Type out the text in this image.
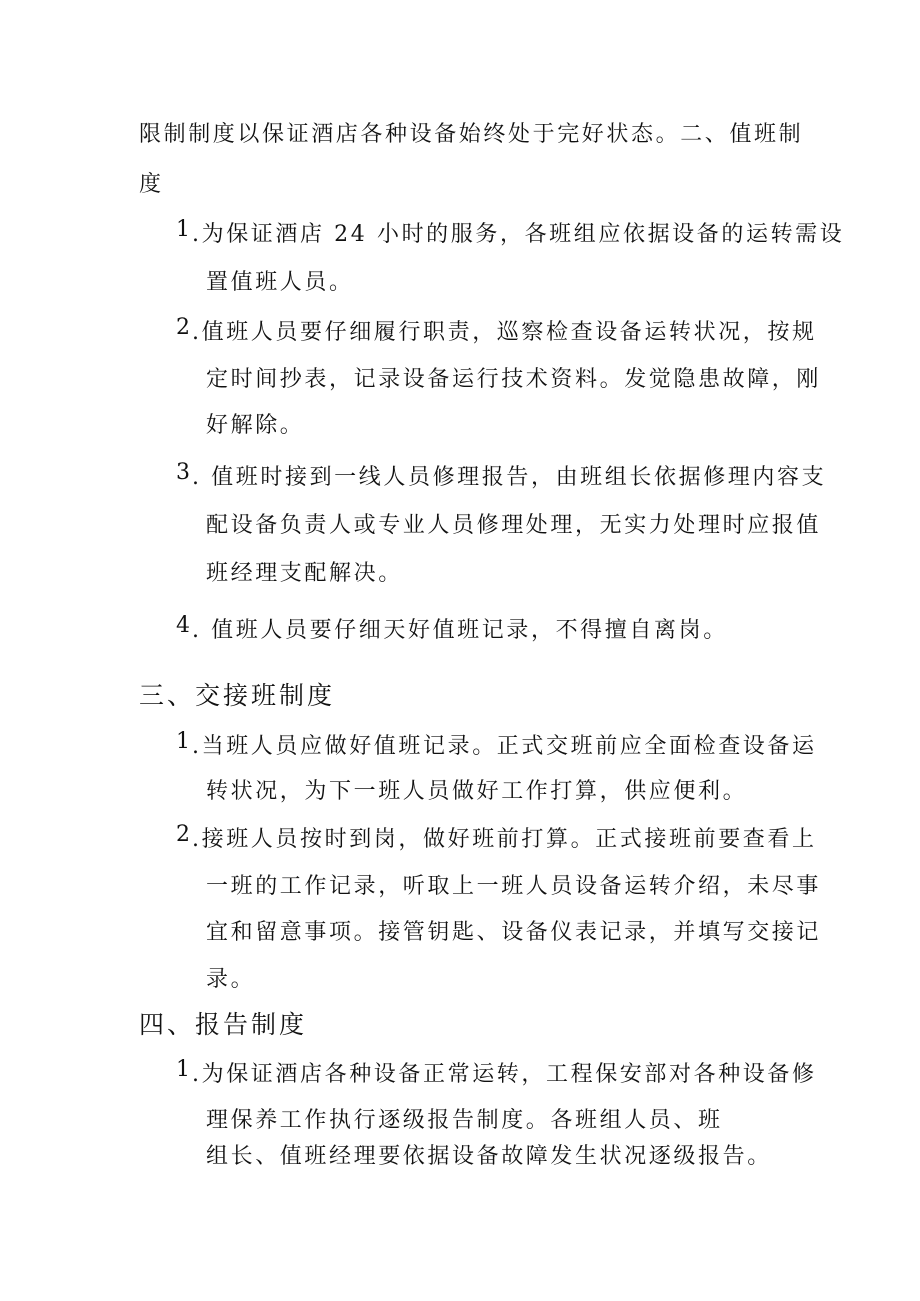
限制制度以保证酒店各种设备始终处于完好状态。二、值班制
度
1 .为保证酒店 24 小时的服务，各班组应依据设备的运转需设
置值班人员。
2 .值班人员要仔细履行职责，巡察检查设备运转状况，按规
定时间抄表，记录设备运行技术资料。发觉隐患故障，刚
好解除。
3 . 值班时接到一线人员修理报告，由班组长依据修理内容支
配设备负责人或专业人员修理处理，无实力处理时应报值
班经理支配解决。
4 . 值班人员要仔细天好值班记录，不得擅自离岗。
三、交接班制度
1 .当班人员应做好值班记录。正式交班前应全面检查设备运
转状况，为下一班人员做好工作打算，供应便利。
2 .接班人员按时到岗，做好班前打算。正式接班前要查看上
一班的工作记录，听取上一班人员设备运转介绍，未尽事
宜和留意事项。接管钥匙、设备仪表记录，并填写交接记
录。
四、报告制度
1 .为保证酒店各种设备正常运转，工程保安部对各种设备修
理保养工作执行逐级报告制度。各班组人员、班
组长、值班经理要依据设备故障发生状况逐级报告。
